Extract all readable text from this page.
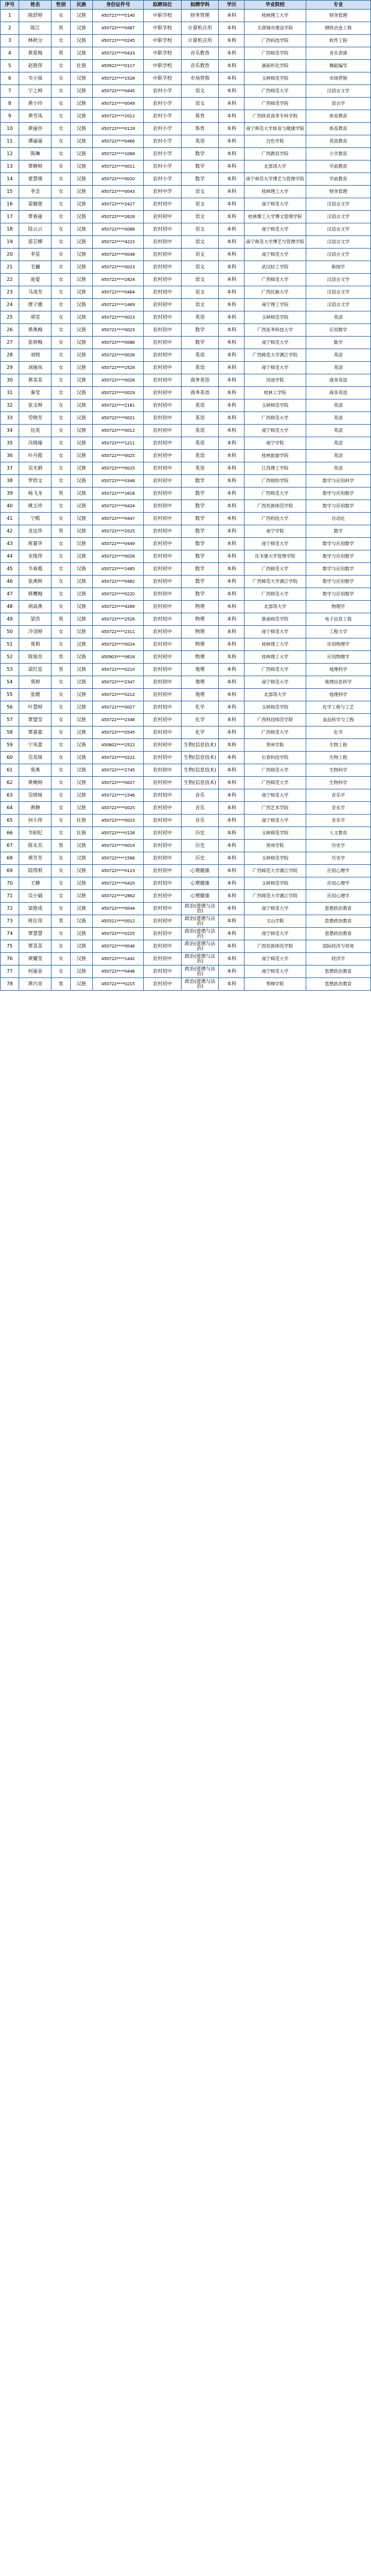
序号	姓名	性别	民族	身份证件号	拟聘岗位	拟聘学科	学历	毕业院校	专业
1	陈舒婷	女	汉族	450722****5140	中职学校	财务管理	本科	桂林理工大学	财务管理
2	陈江	男	汉族	450722****0487	中职学校	计算机应用	本科	天津城市建设学院	钢铁冶金工程
3	林秋分	女	汉族	450722****0245	中职学校	计算机应用	本科	广西科技学院	软件工程
4	黄夏梅	男	汉族	450722****0433	中职学校	音乐教育	本科	广西师范学院	音乐表演
5	赵艳萍	女	壮族	450922****0117	中职学校	音乐教育	本科	湖南怀化学院	舞蹈编导
6	韦小妹	女	汉族	450722****1528	中职学校	市场营销	本科	玉林师范学院	市场营销
7	宁之婷	女	汉族	450722****0445	农村小学	语文	本科	广西师范大学	汉语言文学
8	黄小玲	女	汉族	450722****0049	农村小学	语文	本科	广西师范学院	语言学
9	黄雪凤	女	汉族	450722****2012	农村小学	体育	本科	广西体育高等专科学校	体育教育
10	黄丽莎	女	汉族	450722****0129	农村小学	体育	本科	南宁师范大学体育与健康学院	体育教育
11	谭丽丽	女	汉族	450722****0466	农村小学	英语	本科	百色学院	英语教育
12	陈琳	女	汉族	450722****1068	农村小学	数学	本科	广西教育学院	小学教育
13	覃静婷	女	汉族	450722****0011	农村小学	数学	本科	北部湾大学	学前教育
14	蒙慧瑛	女	汉族	450722****0020	农村小学	数学	本科	南宁师范大学博艺与管理学院	学前教育
15	李念	女	汉族	450722****0043	农村中学	语文	本科	桂林理工大学	财务管理
16	梁健慈	女	汉族	450722****2427	农村初中	语文	本科	南宁师范大学	汉语言文学
17	覃春丽	女	汉族	450722****2626	农村初中	语文	本科	桂林理工大学博文管理学院	汉语言文学
18	陆云云	女	汉族	450722****0088	农村初中	语文	本科	南宁师范大学	汉语言文学
19	雷芯柳	女	汉族	450722****4223	农村初中	语文	本科	南宁师范大学博艺与管理学院	汉语言文学
20	李星	女	汉族	450722****0048	农村初中	语文	本科	南宁师范大学	汉语言文学
21	毛巍	女	汉族	450722****0023	农村初中	语文	本科	武汉轻工学院	新闻学
22	庞爱	女	汉族	450722****2824	农村初中	语文	本科	广西师范大学	汉语言文学
23	马凌芳	女	汉族	450722****0464	农村初中	语文	本科	广西民族大学	汉语言文学
24	廖子娥	女	汉族	450722****1469	农村初中	语文	本科	南宁理工学院	汉语言文学
25	胡莹	女	汉族	450722****0023	农村初中	英语	本科	玉林师范学院	英语
26	黄燕梅	女	汉族	450721****0023	农村初中	数学	本科	广西延考科技大学	应用数学
27	张婷梅	女	汉族	450722****0086	农村初中	数学	本科	南宁师范大学	数学
28	刘悦	女	汉族	450722****0026	农村初中	英语	本科	广西师范大学漓江学院	英语
29	刘丽岚	女	汉族	450722****2528	农村初中	英语	本科	南宁师范大学	英语
30	黄美美	女	汉族	450722****0026	农村初中	商务英语	本科	河池学院	商务英语
31	秦莹	女	汉族	450722****0029	农村初中	商务英语	本科	桂林工学院	商务英语
32	张文婷	女	汉族	450722****2181	农村初中	英语	本科	玉林师范学院	英语
33	劳晓芳	女	汉族	450722****0021	农村初中	英语	本科	广西师范大学	英语
34	伍英	女	汉族	450722****0012	农村初中	英语	本科	南宁师范大学	英语
35	冯锦瑜	女	汉族	450722****1211	农村初中	英语	本科	南宁学院	英语
36	叶丹霞	女	汉族	450722****0025	农村初中	英语	本科	桂林旅游学院	英语
37	吴光娟	女	汉族	450722****0025	农村初中	英语	本科	江苏理工学院	英语
38	罗欣文	女	汉族	450722****0348	农村初中	数学	本科	广西财经学院	数学与应用科学
39	杨飞龙	男	汉族	450722****1618	农村初中	数学	本科	广西师范大学	数学与应用数学
40	姚玉珍	女	汉族	450722****0424	农村初中	数学	本科	广西民族师范学院	数学与应用数学
41	宁熙	女	汉族	450722****0447	农村初中	数学	本科	广西科技大学	自动化
42	龙达华	男	汉族	450722****2025	农村初中	数学	本科	南宁学院	数学
43	班暮华	女	汉族	450722****0449	农村初中	数学	本科	南宁师范大学	数学与应用数学
44	宋俊萍	女	汉族	450722****0026	农村初中	数学	本科	化韦建大学管理学院	数学与应用数学
45	韦春霞	女	汉族	450722****1485	农村初中	数学	本科	广西师范大学	数学与应用数学
46	张燕秋	女	汉族	450722****0482	农村初中	数学	本科	广西师范大学漓江学院	数学与应用数学
47	韩鹰梅	女	汉族	450722****0220	农村初中	数学	本科	广西师范大学	数学与应用数学
48	胡高燕	女	汉族	450722****4269	农村初中	物理	本科	北部湾大学	物理学
49	梁浩	男	汉族	450722****2526	农村初中	物理	本科	淮南师范学院	电子信息工程
50	冷羽婷	女	汉族	450722****2311	农村初中	物理	本科	南宁师范大学	工程力学
51	莫莉	女	汉族	450722****0024	农村初中	物理	本科	桂林理工大学	应用物理学
52	陈旭芳	男	汉族	450903****0618	农村初中	物理	本科	桂林理工大学	应用物理学
53	梁红星	男	汉族	450722****0210	农村初中	地理	本科	广西师范大学	地理科学
54	莫婷	女	汉族	450722****2347	农村初中	地理	本科	南宁师范大学	地理信息科学
55	张媛	女	汉族	450722****0212	农村初中	地理	本科	北部湾大学	地理科学
56	叶慧婷	女	汉族	450722****0027	农村初中	化学	本科	玉林师范学院	化学工程与工艺
57	覃璧莹	女	汉族	450722****2348	农村初中	化学	本科	广西科技师范学院	食品科学与工程
58	覃嘉嘉	女	汉族	450722****0545	农村初中	化学	本科	广西师范大学	化学
59	宁凤蕾	女	汉族	450602****2522	农村初中	生物(信息技术)	本科	贺州学院	生物工程
60	吴英妹	女	汉族	450722****0222	农村初中	生物(信息技术)	本科	长春科技学院	生物工程
61	莫燕	女	汉族	450722****2745	农村初中	生物(信息技术)	本科	广西师范大学	生物科学
62	黄婉婷	女	汉族	450722****0027	农村初中	生物(信息技术)	本科	广西师范大学	生物科学
63	吴晓妹	女	汉族	450722****1546	农村初中	音乐	本科	南宁师范大学	音乐学
64	黄静	女	汉族	450722****0025	农村初中	音乐	本科	广西艺术学院	音乐学
65	何小萍	女	壮族	450722****0023	农村初中	音乐	本科	南宁师范大学	音乐学
66	韦柏纪	女	壮族	450722****0126	农村初中	历史	本科	玉林师范学院	人文教育
67	陈永杰	男	汉族	450722****0019	农村初中	历史	本科	贺州学院	历史学
68	黄芳芳	女	汉族	450722****1566	农村初中	历史	本科	玉林师范学院	历史学
69	陆得莉	女	汉族	450722****0123	农村初中	心理健康	本科	广西师范大学漓江学院	应用心理学
70	王静	女	汉族	450722****0420	农村初中	心理健康	本科	玉林师范学院	应用心理学
71	吴小婧	女	汉族	450722****2862	农村初中	心理健康	本科	广西师范大学漓江学院	应用心理学
72	梁艳成	女	汉族	450722****0044	农村初中	政治(道德与法治)	本科	南宁师范大学	思想政治教育
73	班位昂	男	汉族	450311****0012	农村初中	政治(道德与法治)	本科	文山学院	思想政治教育
74	覃慧慧	女	汉族	450722****0225	农村初中	政治(道德与法治)	本科	南宁师范大学	思想政治教育
75	覃喜喜	女	汉族	450722****0046	农村初中	政治(道德与法治)	本科	广西民族师范学院	国际经济与贸易
76	黄耀莹	女	汉族	450722****1442	农村初中	政治(道德与法治)	本科	南宁师范大学	经济学
77	何丽金	女	汉族	450722****0446	农村初中	政治(道德与法治)	本科	南宁师范大学	思想政治教育
78	黄巧亮	男	汉族	450722****0215	农村初中	政治(道德与法治)	本科	贺峰学院	思想政治教育
